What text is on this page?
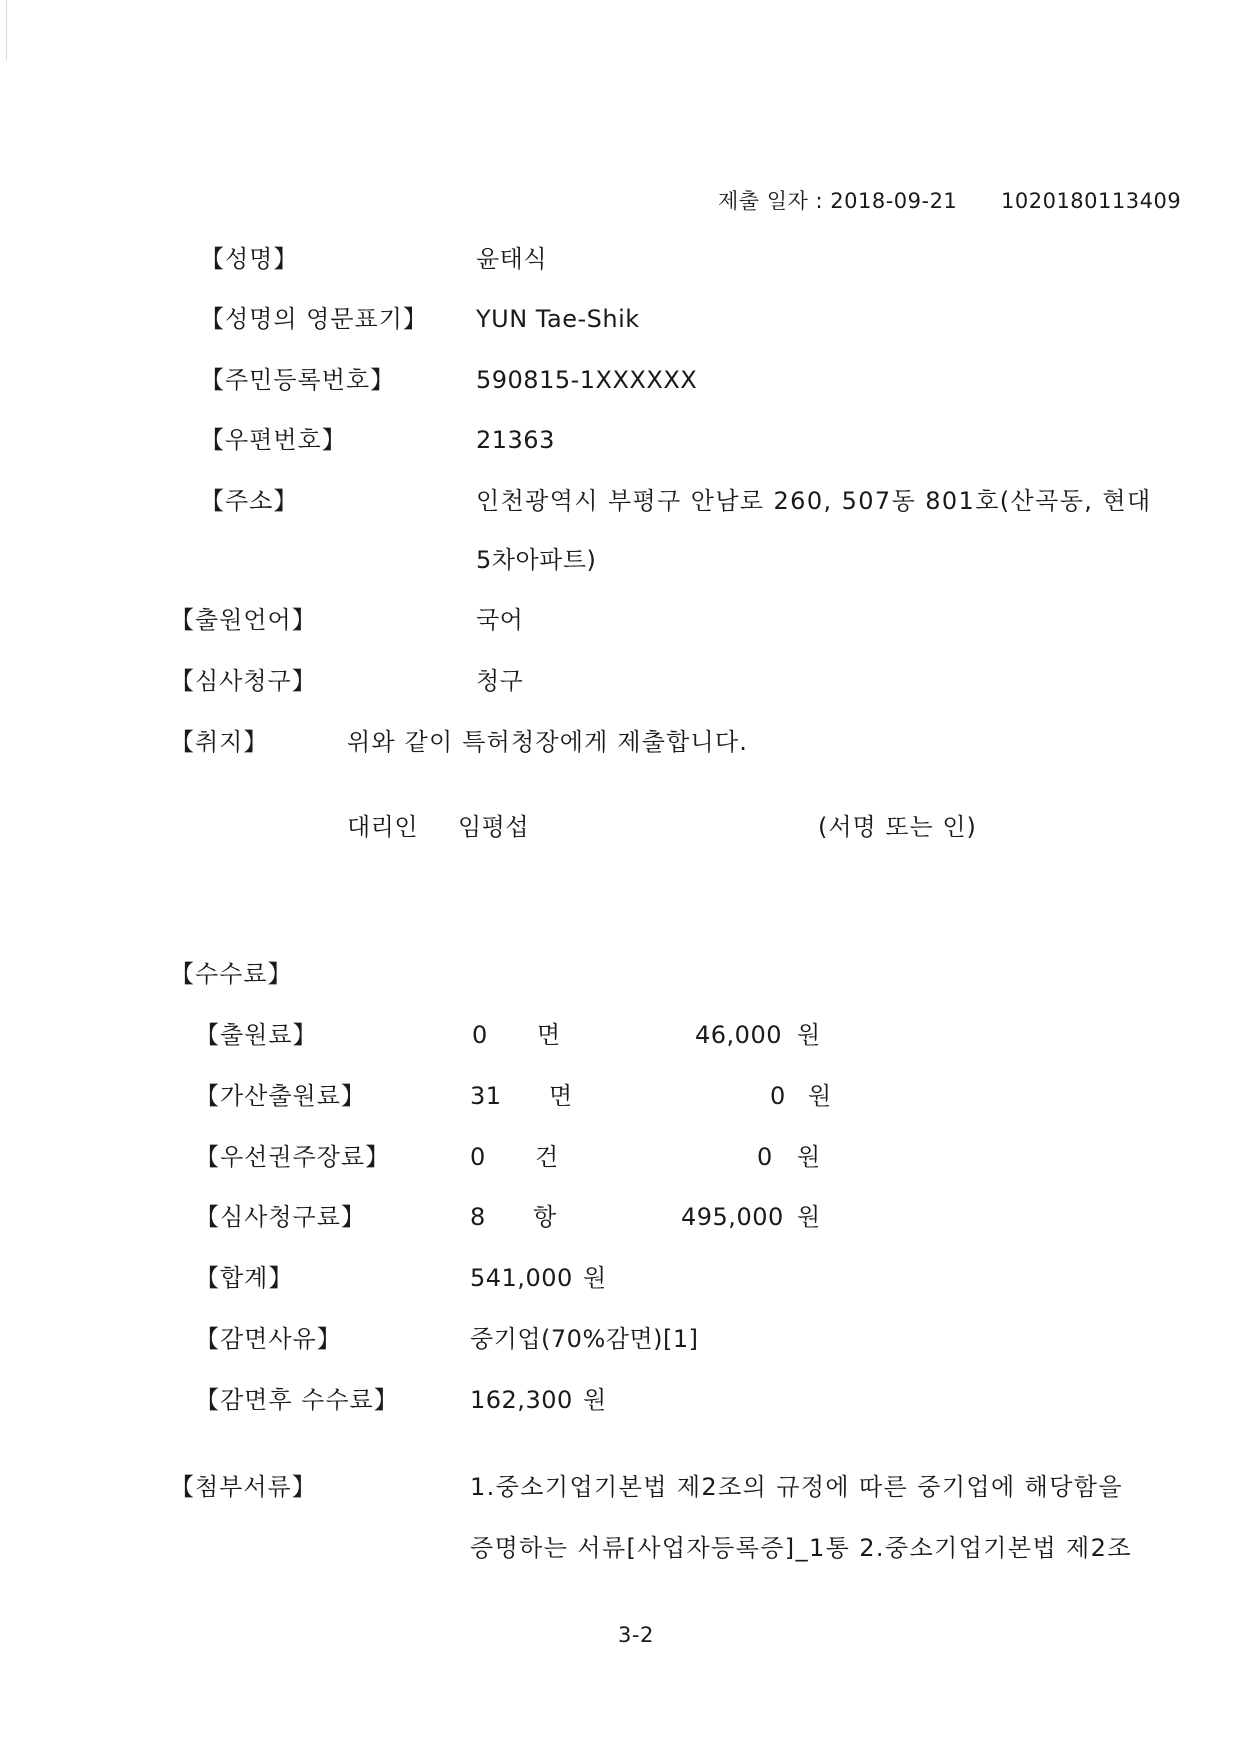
제출 일자 : 2018-09-21 1020180113409
【성명】	윤태식
【성명의 영문표기】 YUN Tae-Shik
【주민등록번호】	590815-1XXXXXX
【우편번호】	21363
【주소】	인천광역시 부평구 안남로 260, 507동 801호(산곡동, 현대
5차아파트)
【출원언어】	국어
【심사청구】	청구
【취지】	위와 같이 특허청장에게 제출합니다.
대리인 임평섭	(서명 또는 인)
【수수료】
【출원료】	0 면	46,000 원
【가산출원료】	31 면	0 원
【우선권주장료】	0 건	0 원
【심사청구료】	8 항	495,000 원
【합계】	541,000 원
【감면사유】	중기업(70%감면)[1]
【감면후 수수료】	162,300 원
【첨부서류】	1.중소기업기본법 제2조의 규정에 따른 중기업에 해당함을
증명하는 서류[사업자등록증]_1통 2.중소기업기본법 제2조
3-2
